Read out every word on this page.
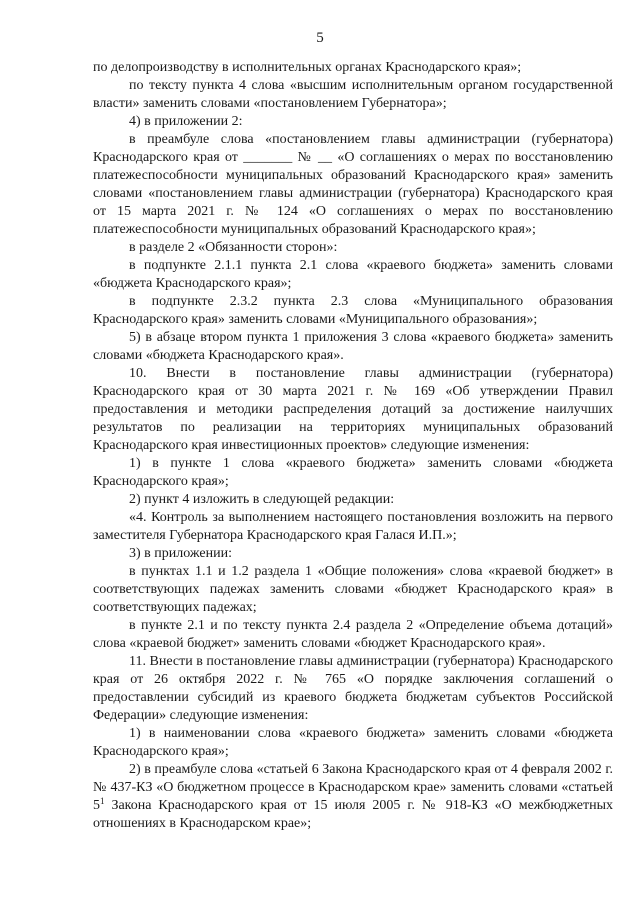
5

по делопроизводству в исполнительных органах Краснодарского края»;

по тексту пункта 4 слова «высшим исполнительным органом государственной власти» заменить словами «постановлением Губернатора»;

4) в приложении 2:

в преамбуле слова «постановлением главы администрации (губернатора) Краснодарского края от _______ № __ «О соглашениях о мерах по восстановлению платежеспособности муниципальных образований Краснодарского края» заменить словами «постановлением главы администрации (губернатора) Краснодарского края от 15 марта 2021 г. № 124 «О соглашениях о мерах по восстановлению платежеспособности муниципальных образований Краснодарского края»;

в разделе 2 «Обязанности сторон»:

в подпункте 2.1.1 пункта 2.1 слова «краевого бюджета» заменить словами «бюджета Краснодарского края»;

в подпункте 2.3.2 пункта 2.3 слова «Муниципального образования Краснодарского края» заменить словами «Муниципального образования»;

5) в абзаце втором пункта 1 приложения 3 слова «краевого бюджета» заменить словами «бюджета Краснодарского края».

10. Внести в постановление главы администрации (губернатора) Краснодарского края от 30 марта 2021 г. № 169 «Об утверждении Правил предоставления и методики распределения дотаций за достижение наилучших результатов по реализации на территориях муниципальных образований Краснодарского края инвестиционных проектов» следующие изменения:

1) в пункте 1 слова «краевого бюджета» заменить словами «бюджета Краснодарского края»;

2) пункт 4 изложить в следующей редакции:

«4. Контроль за выполнением настоящего постановления возложить на первого заместителя Губернатора Краснодарского края Галася И.П.»;

3) в приложении:

в пунктах 1.1 и 1.2 раздела 1 «Общие положения» слова «краевой бюджет» в соответствующих падежах заменить словами «бюджет Краснодарского края» в соответствующих падежах;

в пункте 2.1 и по тексту пункта 2.4 раздела 2 «Определение объема дотаций» слова «краевой бюджет» заменить словами «бюджет Краснодарского края».

11. Внести в постановление главы администрации (губернатора) Краснодарского края от 26 октября 2022 г. № 765 «О порядке заключения соглашений о предоставлении субсидий из краевого бюджета бюджетам субъектов Российской Федерации» следующие изменения:

1) в наименовании слова «краевого бюджета» заменить словами «бюджета Краснодарского края»;

2) в преамбуле слова «статьей 6 Закона Краснодарского края от 4 февраля 2002 г. № 437-КЗ «О бюджетном процессе в Краснодарском крае» заменить словами «статьей $5^1$ Закона Краснодарского края от 15 июля 2005 г. № 918-КЗ «О межбюджетных отношениях в Краснодарском крае»;
